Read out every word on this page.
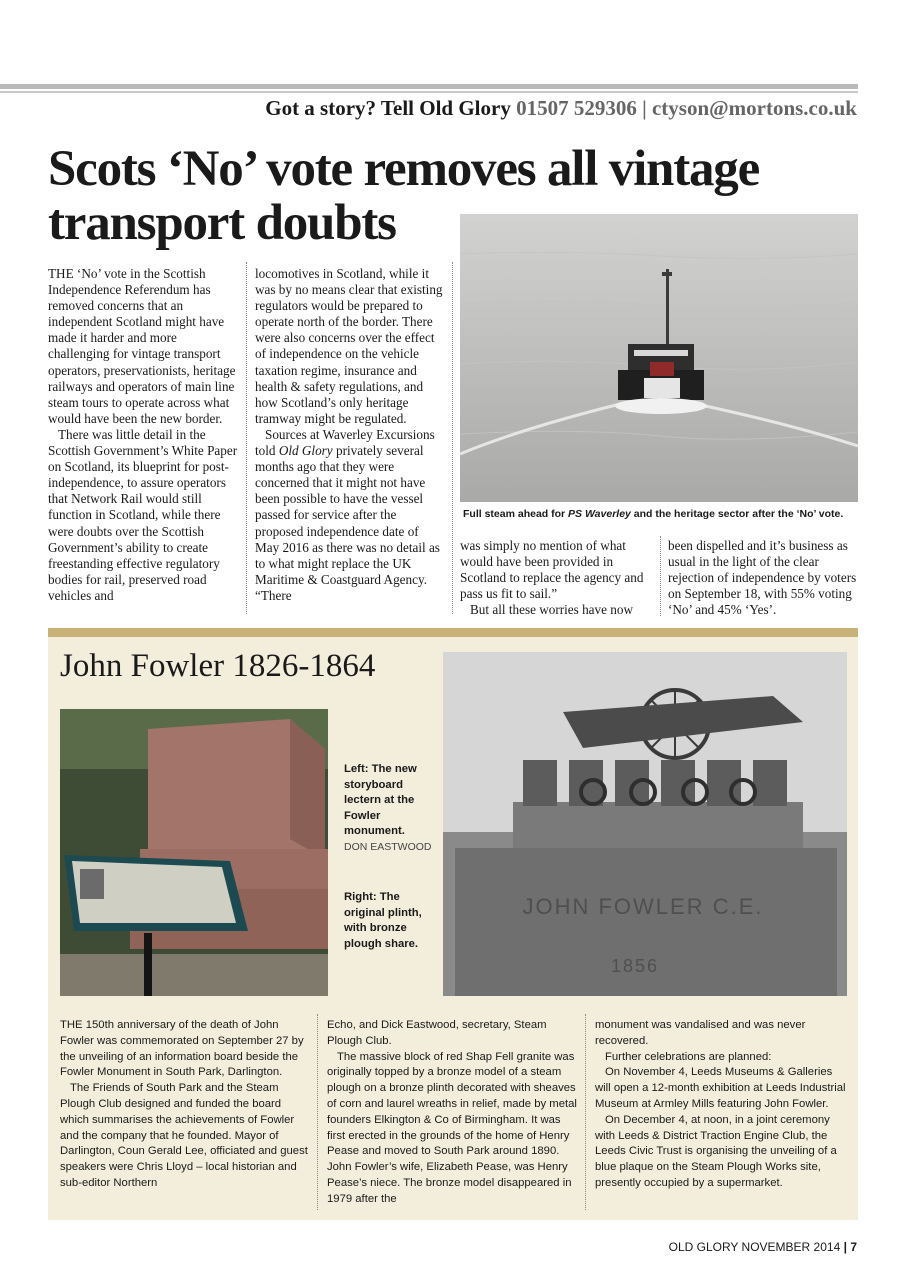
Got a story? Tell Old Glory 01507 529306 | ctyson@mortons.co.uk
Scots ‘No’ vote removes all vintage transport doubts

THE ‘No’ vote in the Scottish Independence Referendum has removed concerns that an independent Scotland might have made it harder and more challenging for vintage transport operators, preservationists, heritage railways and operators of main line steam tours to operate across what would have been the new border.

There was little detail in the Scottish Government’s White Paper on Scotland, its blueprint for post-independence, to assure operators that Network Rail would still function in Scotland, while there were doubts over the Scottish Government’s ability to create freestanding effective regulatory bodies for rail, preserved road vehicles and

locomotives in Scotland, while it was by no means clear that existing regulators would be prepared to operate north of the border. There were also concerns over the effect of independence on the vehicle taxation regime, insurance and health & safety regulations, and how Scotland’s only heritage tramway might be regulated.

Sources at Waverley Excursions told Old Glory privately several months ago that they were concerned that it might not have been possible to have the vessel passed for service after the proposed independence date of May 2016 as there was no detail as to what might replace the UK Maritime & Coastguard Agency. “There

Full steam ahead for PS Waverley and the heritage sector after the ‘No’ vote.

was simply no mention of what would have been provided in Scotland to replace the agency and pass us fit to sail.”

But all these worries have now

been dispelled and it’s business as usual in the light of the clear rejection of independence by voters on September 18, with 55% voting ‘No’ and 45% ‘Yes’.

John Fowler 1826-1864
Left: The new storyboard lectern at the Fowler monument.
DON EASTWOOD
Right: The original plinth, with bronze plough share.
JOHN FOWLER C.E.
1856

THE 150th anniversary of the death of John Fowler was commemorated on September 27 by the unveiling of an information board beside the Fowler Monument in South Park, Darlington.

The Friends of South Park and the Steam Plough Club designed and funded the board which summarises the achievements of Fowler and the company that he founded. Mayor of Darlington, Coun Gerald Lee, officiated and guest speakers were Chris Lloyd – local historian and sub-editor Northern

Echo, and Dick Eastwood, secretary, Steam Plough Club.

The massive block of red Shap Fell granite was originally topped by a bronze model of a steam plough on a bronze plinth decorated with sheaves of corn and laurel wreaths in relief, made by metal founders Elkington & Co of Birmingham. It was first erected in the grounds of the home of Henry Pease and moved to South Park around 1890. John Fowler’s wife, Elizabeth Pease, was Henry Pease’s niece. The bronze model disappeared in 1979 after the

monument was vandalised and was never recovered.

Further celebrations are planned:

On November 4, Leeds Museums & Galleries will open a 12-month exhibition at Leeds Industrial Museum at Armley Mills featuring John Fowler.

On December 4, at noon, in a joint ceremony with Leeds & District Traction Engine Club, the Leeds Civic Trust is organising the unveiling of a blue plaque on the Steam Plough Works site, presently occupied by a supermarket.

OLD GLORY NOVEMBER 2014 | 7
